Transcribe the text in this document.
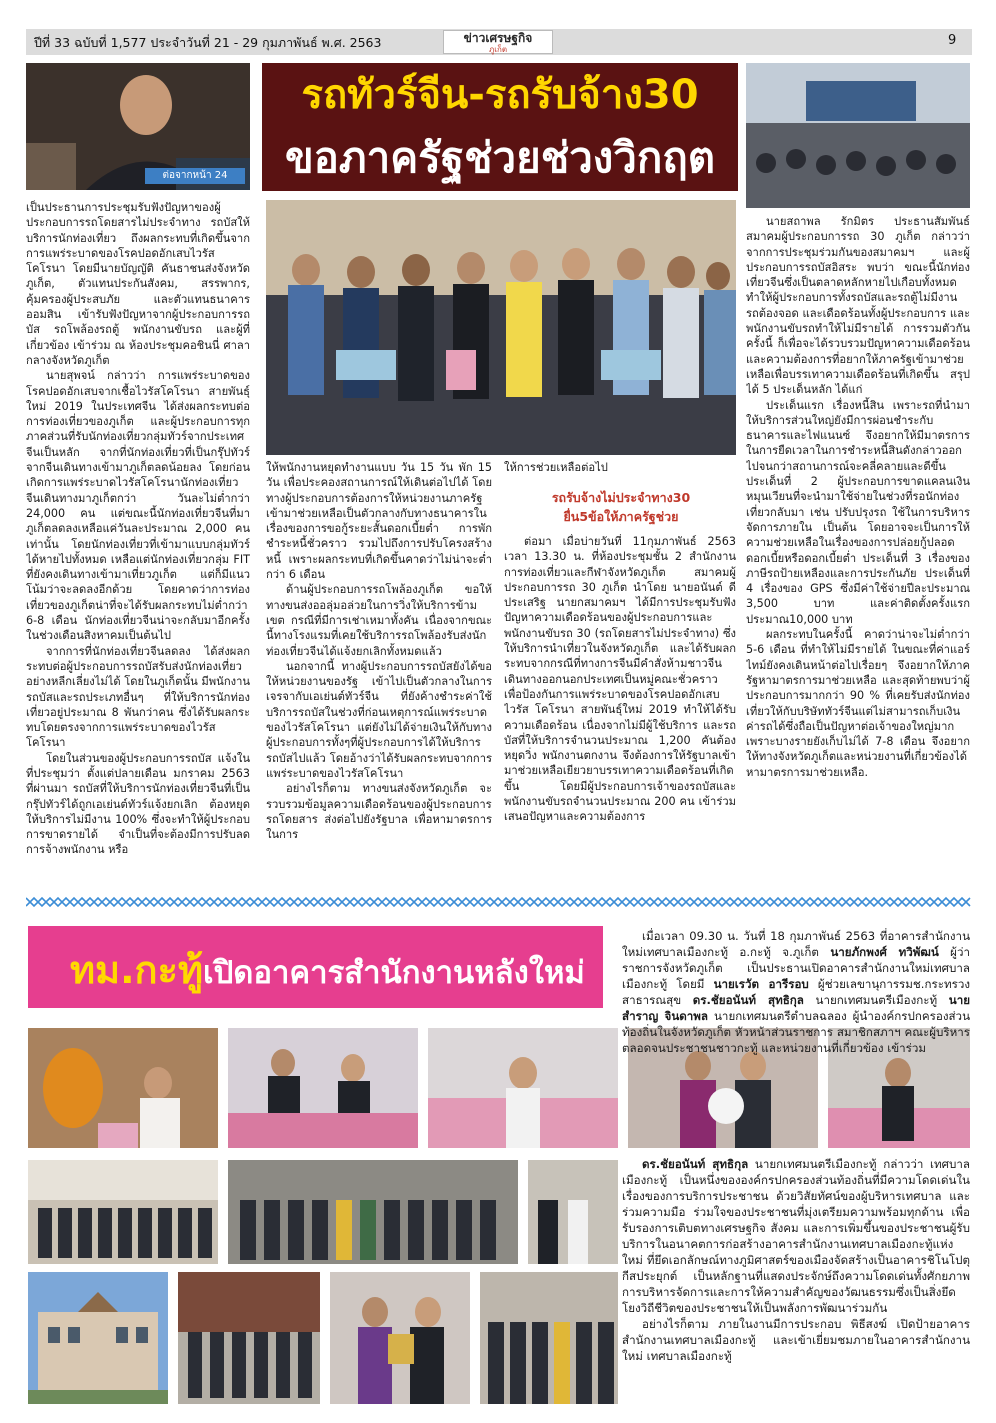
ปีที่ 33 ฉบับที่ 1,577 ประจำวันที่ 21 - 29 กุมภาพันธ์ พ.ศ. 2563	ข่าวเศรษฐกิจ
ภูเก็ต
9
ต่อจากหน้า 24
รถทัวร์จีน-รถรับจ้าง30
ขอภาครัฐช่วยช่วงวิกฤต

เป็นประธานการประชุมรับฟังปัญหาของผู้ประกอบการรถโดยสารไม่ประจำทาง รถบัสให้บริการนักท่องเที่ยว ถึงผลกระทบที่เกิดขึ้นจากการแพร่ระบาดของโรคปอดอักเสบไวรัสโคโรนา โดยมีนายบัญญัติ คันธาชนส่งจังหวัดภูเก็ต, ตัวแทนประกันสังคม, สรรพากร, คุ้มครองผู้ประสบภัย และตัวแทนธนาคารออมสิน เข้ารับฟังปัญหาจากผู้ประกอบการรถบัส รถโพล้องรถตู้ พนักงานขับรถ และผู้ที่เกี่ยวข้อง เข้าร่วม ณ ห้องประชุมคอชินนี่ ศาลากลางจังหวัดภูเก็ต

นายสุพจน์ กล่าวว่า การแพร่ระบาดของโรคปอดอักเสบจากเชื้อไวรัสโคโรนา สายพันธุ์ใหม่ 2019 ในประเทศจีน ได้ส่งผลกระทบต่อการท่องเที่ยวของภูเก็ต และผู้ประกอบการทุกภาคส่วนที่รับนักท่องเที่ยวกลุ่มทัวร์จากประเทศจีนเป็นหลัก จากที่นักท่องเที่ยวที่เป็นกรุ๊ปทัวร์จากจีนเดินทางเข้ามาภูเก็ตลดน้อยลง โดยก่อนเกิดการแพร่ระบาดไวรัสโคโรนานักท่องเที่ยวจีนเดินทางมาภูเก็ตกว่า วันละไม่ต่ำกว่า 24,000 คน แต่ขณะนี้นักท่องเที่ยวจีนที่มาภูเก็ตลดลงเหลือแค่วันละประมาณ 2,000 คนเท่านั้น โดยนักท่องเที่ยวที่เข้ามาแบบกลุ่มทัวร์ได้หายไปทั้งหมด เหลือแต่นักท่องเที่ยวกลุ่ม FIT ที่ยังคงเดินทางเข้ามาเที่ยวภูเก็ต แต่ก็มีแนวโน้มว่าจะลดลงอีกด้วย โดยคาดว่าการท่องเที่ยวของภูเก็ตน่าที่จะได้รับผลกระทบไม่ต่ำกว่า 6-8 เดือน นักท่องเที่ยวจีนน่าจะกลับมาอีกครั้งในช่วงเดือนสิงหาคมเป็นต้นไป

จากการที่นักท่องเที่ยวจีนลดลง ได้ส่งผลกระทบต่อผู้ประกอบการรถบัสรับส่งนักท่องเที่ยวอย่างหลีกเลี่ยงไม่ได้ โดยในภูเก็ตนั้น มีพนักงานรถบัสและรถประเภทอื่นๆ ที่ให้บริการนักท่องเที่ยวอยู่ประมาณ 8 พันกว่าคน ซึ่งได้รับผลกระทบโดยตรงจากการแพร่ระบาดของไวรัสโคโรนา

โดยในส่วนของผู้ประกอบการรถบัส แจ้งในที่ประชุมว่า ตั้งแต่ปลายเดือน มกราคม 2563 ที่ผ่านมา รถบัสที่ให้บริการนักท่องเที่ยวจีนที่เป็นกรุ๊ปทัวร์ได้ถูกเอเย่นต์ทัวร์แจ้งยกเลิก ต้องหยุดให้บริการไม่มีงาน 100% ซึ่งจะทำให้ผู้ประกอบการขาดรายได้ จำเป็นที่จะต้องมีการปรับลดการจ้างพนักงาน หรือ

ให้พนักงานหยุดทำงานแบบ วัน 15 วัน พัก 15 วัน เพื่อประคองสถานการณ์ให้เดินต่อไปได้ โดยทางผู้ประกอบการต้องการให้หน่วยงานภาครัฐเข้ามาช่วยเหลือเป็นตัวกลางกับทางธนาคารในเรื่องของการขอกู้ระยะสั้นดอกเบี้ยต่ำ การพักชำระหนี้ชั่วคราว รวมไปถึงการปรับโครงสร้างหนี้ เพราะผลกระทบที่เกิดขึ้นคาดว่าไม่น่าจะต่ำกว่า 6 เดือน

ด้านผู้ประกอบการรถโพล้องภูเก็ต ขอให้ทางขนส่งออลุ่มอล่วยในการวิ่งให้บริการข้ามเขต กรณีที่มีการเช่าเหมาทั้งคัน เนื่องจากขณะนี้ทางโรงแรมที่เคยใช้บริการรถโพล้องรับส่งนักท่องเที่ยวจีนได้แจ้งยกเลิกทั้งหมดแล้ว

นอกจากนี้ ทางผู้ประกอบการรถบัสยังได้ขอให้หน่วยงานของรัฐ เข้าไปเป็นตัวกลางในการเจรจากับเอเย่นต์ทัวร์จีน ที่ยังค้างชำระค่าใช้บริการรถบัสในช่วงที่ก่อนเหตุการณ์แพร่ระบาดของไวรัสโคโรนา แต่ยังไม่ได้จ่ายเงินให้กับทางผู้ประกอบการทั้งๆที่ผู้ประกอบการได้ให้บริการรถบัสไปแล้ว โดยอ้างว่าได้รับผลกระทบจากการแพร่ระบาดของไวรัสโคโรนา

อย่างไรก็ตาม ทางขนส่งจังหวัดภูเก็ต จะรวบรวมข้อมูลความเดือดร้อนของผู้ประกอบการรถโดยสาร ส่งต่อไปยังรัฐบาล เพื่อหามาตรการในการ

ให้การช่วยเหลือต่อไป

รถรับจ้างไม่ประจำทาง30
ยื่น5ข้อให้ภาครัฐช่วย

ต่อมา เมื่อบ่ายวันที่ 11กุมภาพันธ์ 2563 เวลา 13.30 น. ที่ห้องประชุมชั้น 2 สำนักงานการท่องเที่ยวและกีฬาจังหวัดภูเก็ต สมาคมผู้ประกอบการรถ 30 ภูเก็ต นำโดย นายอนันต์ ดีประเสริฐ นายกสมาคมฯ ได้มีการประชุมรับฟังปัญหาความเดือดร้อนของผู้ประกอบการและพนักงานขับรถ 30 (รถโดยสารไม่ประจำทาง) ซึ่งให้บริการนำเที่ยวในจังหวัดภูเก็ต และได้รับผลกระทบจากกรณีที่ทางการจีนมีคำสั่งห้ามชาวจีนเดินทางออกนอกประเทศเป็นหมู่คณะชั่วคราว เพื่อป้องกันการแพร่ระบาดของโรคปอดอักเสบไวรัส โคโรนา สายพันธุ์ใหม่ 2019 ทำให้ได้รับความเดือดร้อน เนื่องจากไม่มีผู้ใช้บริการ และรถบัสที่ให้บริการจำนวนประมาณ 1,200 คันต้องหยุดวิ่ง พนักงานตกงาน จึงต้องการให้รัฐบาลเข้ามาช่วยเหลือเยียวยาบรรเทาความเดือดร้อนที่เกิดขึ้น โดยมีผู้ประกอบการเจ้าของรถบัสและพนักงานขับรถจำนวนประมาณ 200 คน เข้าร่วมเสนอปัญหาและความต้องการ

นายสถาพล รักมิตร ประธานสัมพันธ์สมาคมผู้ประกอบการรถ 30 ภูเก็ต กล่าวว่า จากการประชุมร่วมกันของสมาคมฯ และผู้ประกอบการรถบัสอิสระ พบว่า ขณะนี้นักท่องเที่ยวจีนซึ่งเป็นตลาดหลักหายไปเกือบทั้งหมด ทำให้ผู้ประกอบการทั้งรถบัสและรถตู้ไม่มีงาน รถต้องจอด และเดือดร้อนทั้งผู้ประกอบการ และพนักงานขับรถทำให้ไม่มีรายได้ การรวมตัวกันครั้งนี้ ก็เพื่อจะได้รวบรวมปัญหาความเดือดร้อน และความต้องการที่อยากให้ภาครัฐเข้ามาช่วยเหลือเพื่อบรรเทาความเดือดร้อนที่เกิดขึ้น สรุปได้ 5 ประเด็นหลัก ได้แก่

ประเด็นแรก เรื่องหนี้สิน เพราะรถที่นำมาให้บริการส่วนใหญ่ยังมีการผ่อนชำระกับธนาคารและไฟแนนซ์ จึงอยากให้มีมาตรการในการยืดเวลาในการชำระหนี้สินดังกล่าวออกไปจนกว่าสถานการณ์จะคลี่คลายและดีขึ้น ประเด็นที่ 2 ผู้ประกอบการขาดแคลนเงินหมุนเวียนที่จะนำมาใช้จ่ายในช่วงที่รอนักท่องเที่ยวกลับมา เช่น ปรับปรุงรถ ใช้ในการบริหารจัดการภายใน เป็นต้น โดยอาจจะเป็นการให้ความช่วยเหลือในเรื่องของการปล่อยกู้ปลอดดอกเบี้ยหรือดอกเบี้ยต่ำ ประเด็นที่ 3 เรื่องของภาษีรถป้ายเหลืองและการประกันภัย ประเด็นที่ 4 เรื่องของ GPS ซึ่งมีค่าใช้จ่ายปีละประมาณ 3,500 บาท และค่าติดตั้งครั้งแรกประมาณ10,000 บาท

ผลกระทบในครั้งนี้ คาดว่าน่าจะไม่ต่ำกว่า 5-6 เดือน ที่ทำให้ไม่มีรายได้ ในขณะที่ค่าแอร์ไทม์ยังคงเดินหน้าต่อไปเรื่อยๆ จึงอยากให้ภาครัฐหามาตรการมาช่วยเหลือ และสุดท้ายพบว่าผู้ประกอบการมากกว่า 90 % ที่เคยรับส่งนักท่องเที่ยวให้กับบริษัททัวร์จีนแต่ไม่สามารถเก็บเงินค่ารถได้ซึ่งถือเป็นปัญหาต่อเจ้าของใหญ่มาก เพราะบางรายยังเก็บไม่ได้ 7-8 เดือน จึงอยากให้ทางจังหวัดภูเก็ตและหน่วยงานที่เกี่ยวข้องได้หามาตรการมาช่วยเหลือ.

ทม.กะทู้เปิดอาคารสำนักงานหลังใหม่

เมื่อเวลา 09.30 น. วันที่ 18 กุมภาพันธ์ 2563 ที่อาคารสำนักงานใหม่เทศบาลเมืองกะทู้ อ.กะทู้ จ.ภูเก็ต นายภักพงศ์ ทวิพัฒน์ ผู้ว่าราชการจังหวัดภูเก็ต เป็นประธานเปิดอาคารสำนักงานใหม่เทศบาลเมืองกะทู้ โดยมี นายเรวัต อารีรอบ ผู้ช่วยเลขานุการรมช.กระทรวงสาธารณสุข ดร.ชัยอนันท์ สุทธิกุล นายกเทศมนตรีเมืองกะทู้ นายสำราญ จินดาพล นายกเทศมนตรีตำบลฉลอง ผู้นำองค์กรปกครองส่วนท้องถิ่นในจังหวัดภูเก็ต หัวหน้าส่วนราชการ สมาชิกสภาฯ คณะผู้บริหาร ตลอดจนประชาชนชาวกะทู้ และหน่วยงานที่เกี่ยวข้อง เข้าร่วม

ดร.ชัยอนันท์ สุทธิกุล นายกเทศมนตรีเมืองกะทู้ กล่าวว่า เทศบาลเมืองกะทู้ เป็นหนึ่งขององค์กรปกครองส่วนท้องถิ่นที่มีความโดดเด่นในเรื่องของการบริการประชาชน ด้วยวิสัยทัศน์ของผู้บริหารเทศบาล และร่วมความมือ ร่วมใจของประชาชนที่มุ่งเตรียมความพร้อมทุกด้าน เพื่อรับรองการเติบตทางเศรษฐกิจ สังคม และการเพิ่มขึ้นของประชาชนผู้รับบริการในอนาคตการก่อสร้างอาคารสำนักงานเทศบาลเมืองกะทู้แห่งใหม่ ที่ยึดเอกลักษณ์ทางภูมิศาสตร์ของเมืองจัดสร้างเป็นอาคารชิโนโปตุกีสประยุกต์ เป็นหลักฐานที่แสดงประจักษ์ถึงความโดดเด่นทั้งศักยภาพการบริหารจัดการและการให้ความสำคัญของวัฒนธรรมซึ่งเป็นสิ่งยึดโยงวิถีชีวิตของประชาชนให้เป็นพลังการพัฒนาร่วมกัน

อย่างไรก็ตาม ภายในงานมีการประกอบ พิธีสงฆ์ เปิดป้ายอาคารสำนักงานเทศบาลเมืองกะทู้ และเข้าเยี่ยมชมภายในอาคารสำนักงานใหม่ เทศบาลเมืองกะทู้
